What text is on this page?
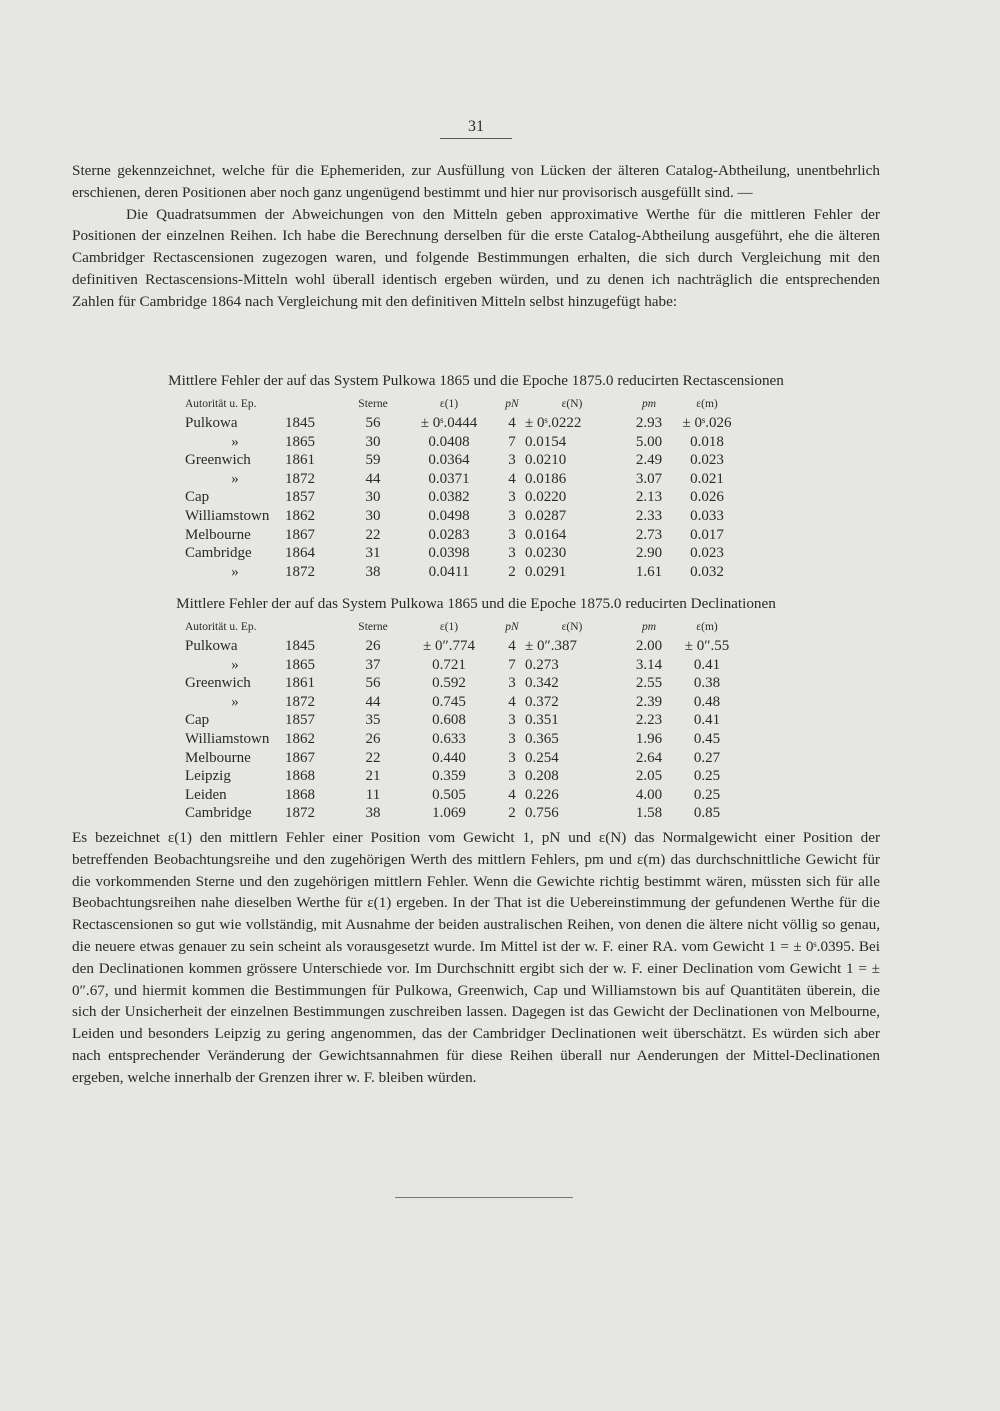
31

Sterne gekennzeichnet, welche für die Ephemeriden, zur Ausfüllung von Lücken der älteren Catalog-Abtheilung, unentbehrlich erschienen, deren Positionen aber noch ganz ungenügend bestimmt und hier nur provisorisch ausgefüllt sind. —

Die Quadratsummen der Abweichungen von den Mitteln geben approximative Werthe für die mittleren Fehler der Positionen der einzelnen Reihen. Ich habe die Berechnung derselben für die erste Catalog-Abtheilung ausgeführt, ehe die älteren Cambridger Rectascensionen zugezogen waren, und folgende Bestimmungen erhalten, die sich durch Vergleichung mit den definitiven Rectascensions-Mitteln wohl überall identisch ergeben würden, und zu denen ich nachträglich die entsprechenden Zahlen für Cambridge 1864 nach Vergleichung mit den definitiven Mitteln selbst hinzugefügt habe:

Mittlere Fehler der auf das System Pulkowa 1865 und die Epoche 1875.0 reducirten Rectascensionen
Autorität u. Ep.		Sterne	ε(1)	pN	ε(N)	pm	ε(m)
Pulkowa	1845	56	± 0ˢ.0444	4	± 0ˢ.0222	2.93	± 0ˢ.026
»	1865	30	0.0408	7	0.0154	5.00	0.018
Greenwich	1861	59	0.0364	3	0.0210	2.49	0.023
»	1872	44	0.0371	4	0.0186	3.07	0.021
Cap	1857	30	0.0382	3	0.0220	2.13	0.026
Williamstown	1862	30	0.0498	3	0.0287	2.33	0.033
Melbourne	1867	22	0.0283	3	0.0164	2.73	0.017
Cambridge	1864	31	0.0398	3	0.0230	2.90	0.023
»	1872	38	0.0411	2	0.0291	1.61	0.032
Mittlere Fehler der auf das System Pulkowa 1865 und die Epoche 1875.0 reducirten Declinationen
Autorität u. Ep.		Sterne	ε(1)	pN	ε(N)	pm	ε(m)
Pulkowa	1845	26	± 0″.774	4	± 0″.387	2.00	± 0″.55
»	1865	37	0.721	7	0.273	3.14	0.41
Greenwich	1861	56	0.592	3	0.342	2.55	0.38
»	1872	44	0.745	4	0.372	2.39	0.48
Cap	1857	35	0.608	3	0.351	2.23	0.41
Williamstown	1862	26	0.633	3	0.365	1.96	0.45
Melbourne	1867	22	0.440	3	0.254	2.64	0.27
Leipzig	1868	21	0.359	3	0.208	2.05	0.25
Leiden	1868	11	0.505	4	0.226	4.00	0.25
Cambridge	1872	38	1.069	2	0.756	1.58	0.85

Es bezeichnet ε(1) den mittlern Fehler einer Position vom Gewicht 1, pN und ε(N) das Normalgewicht einer Position der betreffenden Beobachtungsreihe und den zugehörigen Werth des mittlern Fehlers, pm und ε(m) das durchschnittliche Gewicht für die vorkommenden Sterne und den zugehörigen mittlern Fehler. Wenn die Gewichte richtig bestimmt wären, müssten sich für alle Beobachtungsreihen nahe dieselben Werthe für ε(1) ergeben. In der That ist die Uebereinstimmung der gefundenen Werthe für die Rectascensionen so gut wie vollständig, mit Ausnahme der beiden australischen Reihen, von denen die ältere nicht völlig so genau, die neuere etwas genauer zu sein scheint als vorausgesetzt wurde. Im Mittel ist der w. F. einer RA. vom Gewicht 1 = ± 0ˢ.0395. Bei den Declinationen kommen grössere Unterschiede vor. Im Durchschnitt ergibt sich der w. F. einer Declination vom Gewicht 1 = ± 0″.67, und hiermit kommen die Bestimmungen für Pulkowa, Greenwich, Cap und Williamstown bis auf Quantitäten überein, die sich der Unsicherheit der einzelnen Bestimmungen zuschreiben lassen. Dagegen ist das Gewicht der Declinationen von Melbourne, Leiden und besonders Leipzig zu gering angenommen, das der Cambridger Declinationen weit überschätzt. Es würden sich aber nach entsprechender Veränderung der Gewichtsannahmen für diese Reihen überall nur Aenderungen der Mittel-Declinationen ergeben, welche innerhalb der Grenzen ihrer w. F. bleiben würden.
